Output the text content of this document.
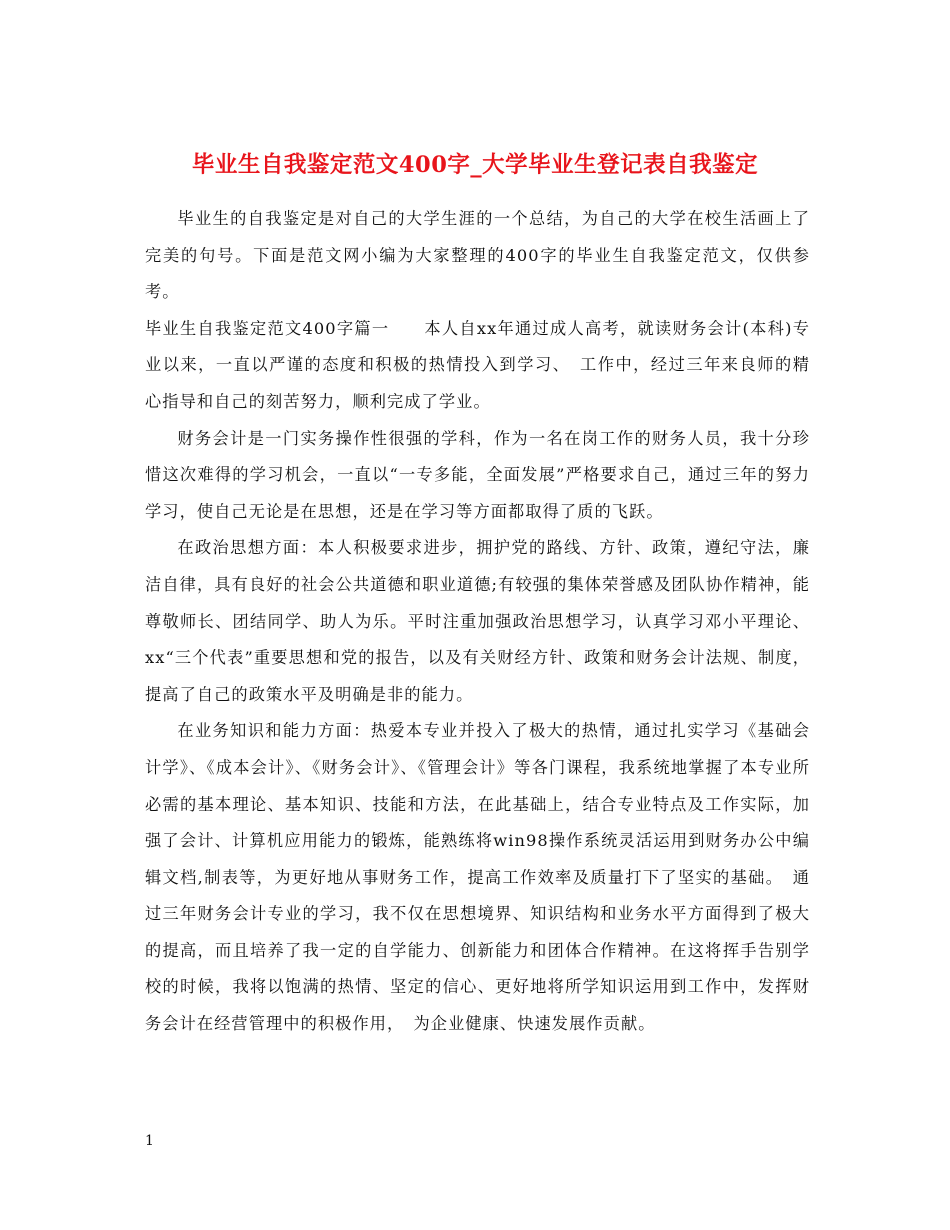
毕业生自我鉴定范文400字_大学毕业生登记表自我鉴定

毕业生的自我鉴定是对自己的大学生涯的一个总结，为自己的大学在校生活画上了完美的句号。下面是范文网小编为大家整理的400字的毕业生自我鉴定范文，仅供参考。

毕业生自我鉴定范文400字篇一　　本人自xx年通过成人高考，就读财务会计(本科)专业以来，一直以严谨的态度和积极的热情投入到学习、　工作中，经过三年来良师的精心指导和自己的刻苦努力，顺利完成了学业。

财务会计是一门实务操作性很强的学科，作为一名在岗工作的财务人员，我十分珍惜这次难得的学习机会，一直以“一专多能，全面发展”严格要求自己，通过三年的努力学习，使自己无论是在思想，还是在学习等方面都取得了质的飞跃。

在政治思想方面：本人积极要求进步，拥护党的路线、方针、政策，遵纪守法，廉洁自律，具有良好的社会公共道德和职业道德;有较强的集体荣誉感及团队协作精神，能尊敬师长、团结同学、助人为乐。平时注重加强政治思想学习，认真学习邓小平理论、xx“三个代表”重要思想和党的报告，以及有关财经方针、政策和财务会计法规、制度，提高了自己的政策水平及明确是非的能力。

在业务知识和能力方面：热爱本专业并投入了极大的热情，通过扎实学习《基础会计学》、《成本会计》、《财务会计》、《管理会计》等各门课程，我系统地掌握了本专业所必需的基本理论、基本知识、技能和方法，在此基础上，结合专业特点及工作实际，加强了会计、计算机应用能力的锻炼，能熟练将win98操作系统灵活运用到财务办公中编辑文档,制表等，为更好地从事财务工作，提高工作效率及质量打下了坚实的基础。　通过三年财务会计专业的学习，我不仅在思想境界、知识结构和业务水平方面得到了极大的提高，而且培养了我一定的自学能力、创新能力和团体合作精神。在这将挥手告别学校的时候，我将以饱满的热情、坚定的信心、更好地将所学知识运用到工作中，发挥财务会计在经营管理中的积极作用，　为企业健康、快速发展作贡献。

1
